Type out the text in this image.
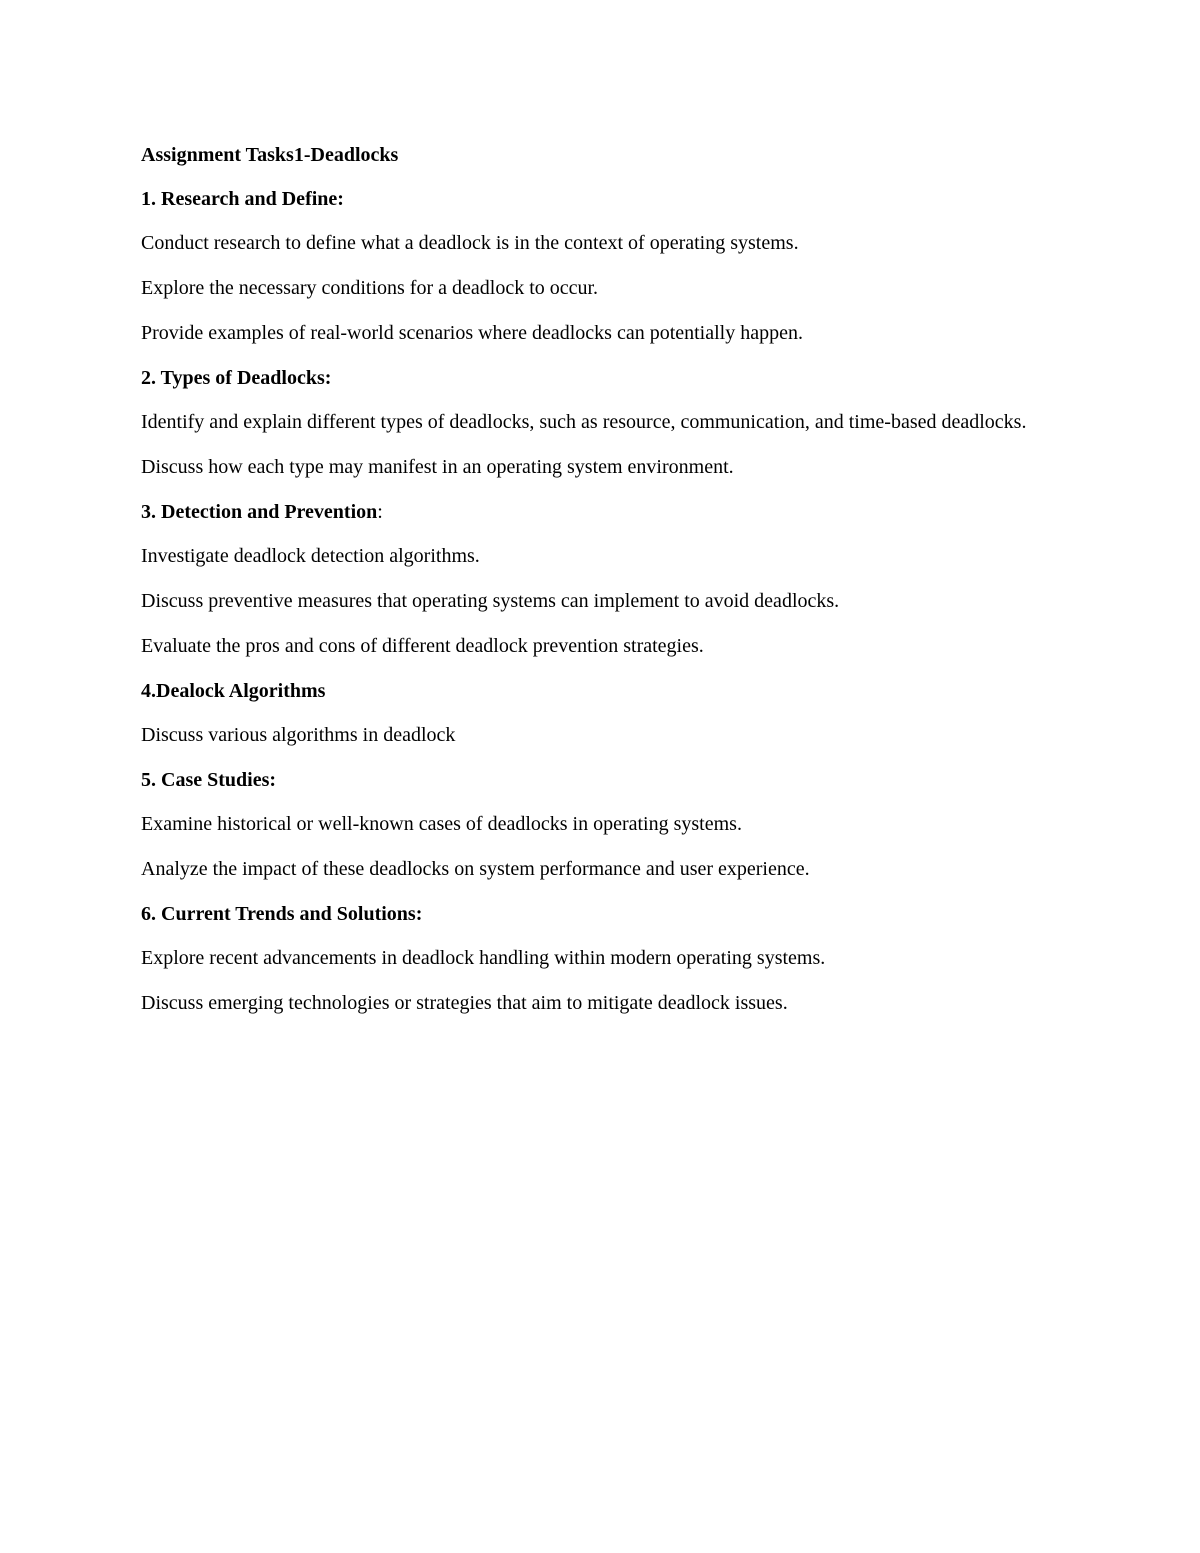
Assignment Tasks1-Deadlocks
1. Research and Define:
Conduct research to define what a deadlock is in the context of operating systems.
Explore the necessary conditions for a deadlock to occur.
Provide examples of real-world scenarios where deadlocks can potentially happen.
2. Types of Deadlocks:
Identify and explain different types of deadlocks, such as resource, communication, and time-based deadlocks.
Discuss how each type may manifest in an operating system environment.
3. Detection and Prevention:
Investigate deadlock detection algorithms.
Discuss preventive measures that operating systems can implement to avoid deadlocks.
Evaluate the pros and cons of different deadlock prevention strategies.
4.Dealock Algorithms
Discuss various algorithms in deadlock
5. Case Studies:
Examine historical or well-known cases of deadlocks in operating systems.
Analyze the impact of these deadlocks on system performance and user experience.
6. Current Trends and Solutions:
Explore recent advancements in deadlock handling within modern operating systems.
Discuss emerging technologies or strategies that aim to mitigate deadlock issues.
